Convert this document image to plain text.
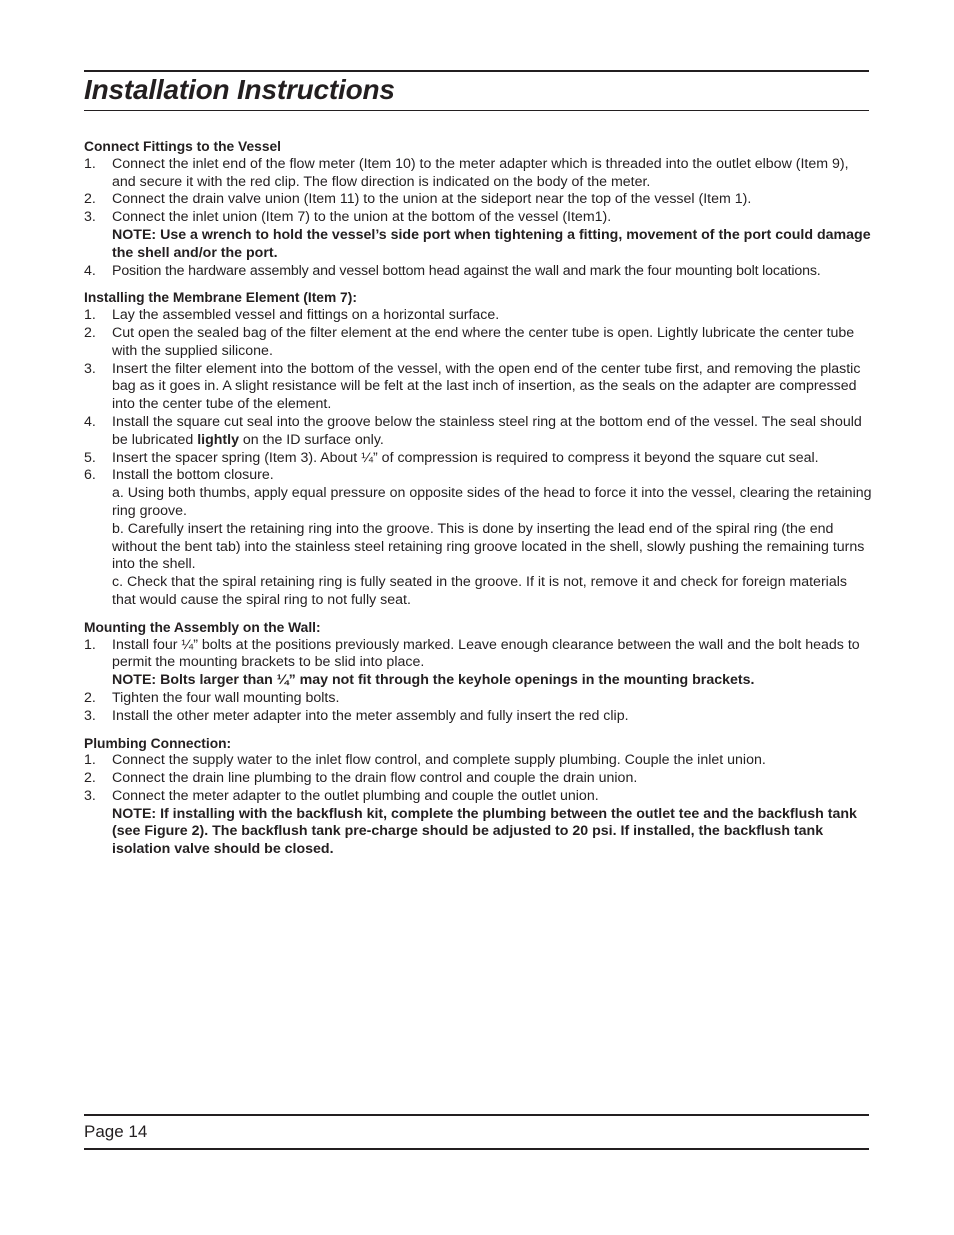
Installation Instructions
Connect Fittings to the Vessel
1.	Connect the inlet end of the flow meter (Item 10) to the meter adapter which is threaded into the outlet elbow (Item 9), and secure it with the red clip. The flow direction is indicated on the body of the meter.
2.	Connect the drain valve union (Item 11) to the union at the sideport near the top of the vessel (Item 1).
3.	Connect the inlet union (Item 7) to the union at the bottom of the vessel (Item1).
NOTE: Use a wrench to hold the vessel’s side port when tightening a fitting, movement of the port could damage the shell and/or the port.
4.	Position the hardware assembly and vessel bottom head against the wall and mark the four mounting bolt locations.
Installing the Membrane Element (Item 7):
1.	Lay the assembled vessel and fittings on a horizontal surface.
2.	Cut open the sealed bag of the filter element at the end where the center tube is open. Lightly lubricate the center tube with the supplied silicone.
3.	Insert the filter element into the bottom of the vessel, with the open end of the center tube first, and removing the plastic bag as it goes in. A slight resistance will be felt at the last inch of insertion, as the seals on the adapter are compressed into the center tube of the element.
4.	Install the square cut seal into the groove below the stainless steel ring at the bottom end of the vessel. The seal should be lubricated lightly on the ID surface only.
5.	Insert the spacer spring (Item 3). About ¼” of compression is required to compress it beyond the square cut seal.
6.	Install the bottom closure.
a. Using both thumbs, apply equal pressure on opposite sides of the head to force it into the vessel, clearing the retaining ring groove.
b. Carefully insert the retaining ring into the groove. This is done by inserting the lead end of the spiral ring (the end without the bent tab) into the stainless steel retaining ring groove located in the shell, slowly pushing the remaining turns into the shell.
c. Check that the spiral retaining ring is fully seated in the groove. If it is not, remove it and check for foreign materials that would cause the spiral ring to not fully seat.
Mounting the Assembly on the Wall:
1.	Install four ¼” bolts at the positions previously marked. Leave enough clearance between the wall and the bolt heads to permit the mounting brackets to be slid into place.
NOTE: Bolts larger than ¼” may not fit through the keyhole openings in the mounting brackets.
2.	Tighten the four wall mounting bolts.
3.	Install the other meter adapter into the meter assembly and fully insert the red clip.
Plumbing Connection:
1.	Connect the supply water to the inlet flow control, and complete supply plumbing. Couple the inlet union.
2.	Connect the drain line plumbing to the drain flow control and couple the drain union.
3.	Connect the meter adapter to the outlet plumbing and couple the outlet union.
NOTE: If installing with the backflush kit, complete the plumbing between the outlet tee and the backflush tank (see Figure 2). The backflush tank pre-charge should be adjusted to 20 psi. If installed, the backflush tank isolation valve should be closed.
Page 14
